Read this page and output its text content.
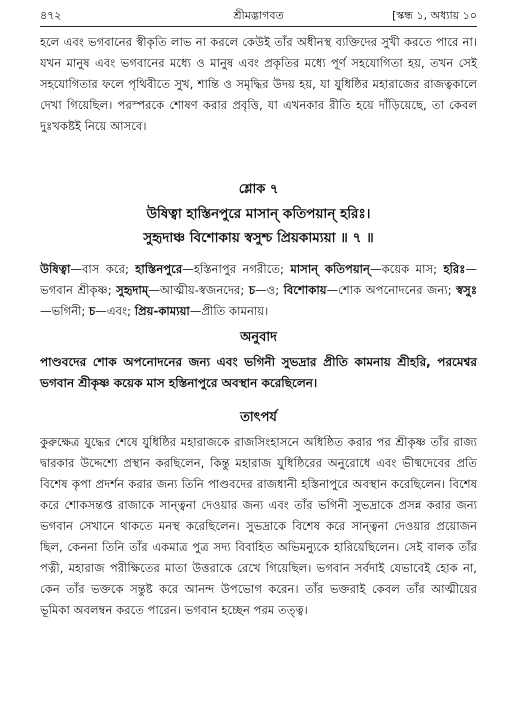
৪৭২	শ্রীমদ্ভাগবত	[স্কন্ধ ১, অধ্যায় ১০
হলে এবং ভগবানের স্বীকৃতি লাভ না করলে কেউই তাঁর অধীনস্থ ব্যক্তিদের সুখী করতে পারে না। যখন মানুষ এবং ভগবানের মধ্যে ও মানুষ এবং প্রকৃতির মধ্যে পূর্ণ সহযোগিতা হয়, তখন সেই সহযোগিতার ফলে পৃথিবীতে সুখ, শান্তি ও সমৃদ্ধির উদয় হয়, যা যুধিষ্ঠির মহারাজের রাজত্বকালে দেখা গিয়েছিল। পরস্পরকে শোষণ করার প্রবৃত্তি, যা এখনকার রীতি হয়ে দাঁড়িয়েছে, তা কেবল দুঃখকষ্টই নিয়ে আসবে।
শ্লোক ৭
উষিত্বা হাস্তিনপুরে মাসান্ কতিপয়ান্ হরিঃ।
সুহৃদাঞ্চ বিশোকায় স্বসুশ্চ প্রিয়কাম্যয়া ॥ ৭ ॥
উষিত্বা—বাস করে; হাস্তিনপুরে—হস্তিনাপুর নগরীতে; মাসান্ কতিপয়ান্—কয়েক মাস; হরিঃ—ভগবান শ্রীকৃষ্ণ; সুহৃদাম্—আত্মীয়-স্বজনদের; চ—ও; বিশোকায়—শোক অপনোদনের জন্য; স্বসুঃ—ভগিনী; চ—এবং; প্রিয়-কাম্যয়া—প্রীতি কামনায়।
অনুবাদ
পাণ্ডবদের শোক অপনোদনের জন্য এবং ভগিনী সুভদ্রার প্রীতি কামনায় শ্রীহরি, পরমেশ্বর ভগবান শ্রীকৃষ্ণ কয়েক মাস হস্তিনাপুরে অবস্থান করেছিলেন।
তাৎপর্য
কুরুক্ষেত্র যুদ্ধের শেষে যুধিষ্ঠির মহারাজকে রাজসিংহাসনে অধিষ্ঠিত করার পর শ্রীকৃষ্ণ তাঁর রাজ্য দ্বারকার উদ্দেশ্যে প্রস্থান করছিলেন, কিন্তু মহারাজ যুধিষ্ঠিরের অনুরোধে এবং ভীষ্মদেবের প্রতি বিশেষ কৃপা প্রদর্শন করার জন্য তিনি পাণ্ডবদের রাজধানী হস্তিনাপুরে অবস্থান করেছিলেন। বিশেষ করে শোকসন্তপ্ত রাজাকে সান্ত্বনা দেওয়ার জন্য এবং তাঁর ভগিনী সুভদ্রাকে প্রসন্ন করার জন্য ভগবান সেখানে থাকতে মনস্থ করেছিলেন। সুভদ্রাকে বিশেষ করে সান্ত্বনা দেওয়ার প্রয়োজন ছিল, কেননা তিনি তাঁর একমাত্র পুত্র সদ্য বিবাহিত অভিমন্যুকে হারিয়েছিলেন। সেই বালক তাঁর পত্নী, মহারাজ পরীক্ষিতের মাতা উত্তরাকে রেখে গিয়েছিল। ভগবান সর্বদাই যেভাবেই হোক না, কেন তাঁর ভক্তকে সন্তুষ্ট করে আনন্দ উপভোগ করেন। তাঁর ভক্তরাই কেবল তাঁর আত্মীয়ের ভূমিকা অবলম্বন করতে পারেন। ভগবান হচ্ছেন পরম তত্ত্ব।
